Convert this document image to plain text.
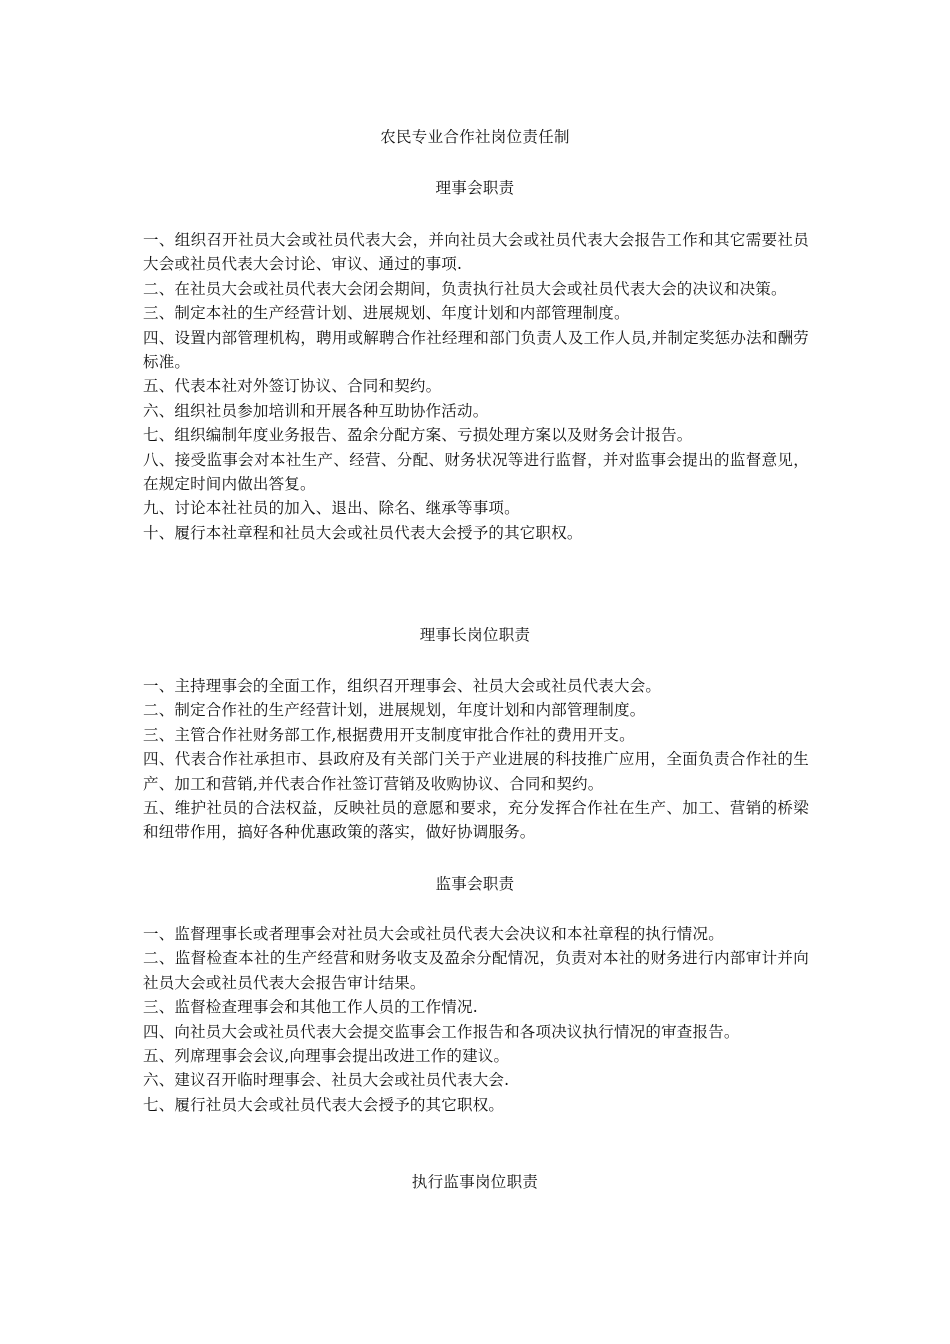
农民专业合作社岗位责任制
理事会职责

一、组织召开社员大会或社员代表大会，并向社员大会或社员代表大会报告工作和其它需要社员大会或社员代表大会讨论、审议、通过的事项.

二、在社员大会或社员代表大会闭会期间，负责执行社员大会或社员代表大会的决议和决策。

三、制定本社的生产经营计划、进展规划、年度计划和内部管理制度。

四、设置内部管理机构，聘用或解聘合作社经理和部门负责人及工作人员,并制定奖惩办法和酬劳标准。

五、代表本社对外签订协议、合同和契约。

六、组织社员参加培训和开展各种互助协作活动。

七、组织编制年度业务报告、盈余分配方案、亏损处理方案以及财务会计报告。

八、接受监事会对本社生产、经营、分配、财务状况等进行监督，并对监事会提出的监督意见，在规定时间内做出答复。

九、讨论本社社员的加入、退出、除名、继承等事项。

十、履行本社章程和社员大会或社员代表大会授予的其它职权。

理事长岗位职责

一、主持理事会的全面工作，组织召开理事会、社员大会或社员代表大会。

二、制定合作社的生产经营计划，进展规划，年度计划和内部管理制度。

三、主管合作社财务部工作,根据费用开支制度审批合作社的费用开支。

四、代表合作社承担市、县政府及有关部门关于产业进展的科技推广应用，全面负责合作社的生产、加工和营销,并代表合作社签订营销及收购协议、合同和契约。

五、维护社员的合法权益，反映社员的意愿和要求，充分发挥合作社在生产、加工、营销的桥梁和纽带作用，搞好各种优惠政策的落实，做好协调服务。

监事会职责

一、监督理事长或者理事会对社员大会或社员代表大会决议和本社章程的执行情况。

二、监督检查本社的生产经营和财务收支及盈余分配情况，负责对本社的财务进行内部审计并向社员大会或社员代表大会报告审计结果。

三、监督检查理事会和其他工作人员的工作情况.

四、向社员大会或社员代表大会提交监事会工作报告和各项决议执行情况的审查报告。

五、列席理事会会议,向理事会提出改进工作的建议。

六、建议召开临时理事会、社员大会或社员代表大会.

七、履行社员大会或社员代表大会授予的其它职权。

执行监事岗位职责
